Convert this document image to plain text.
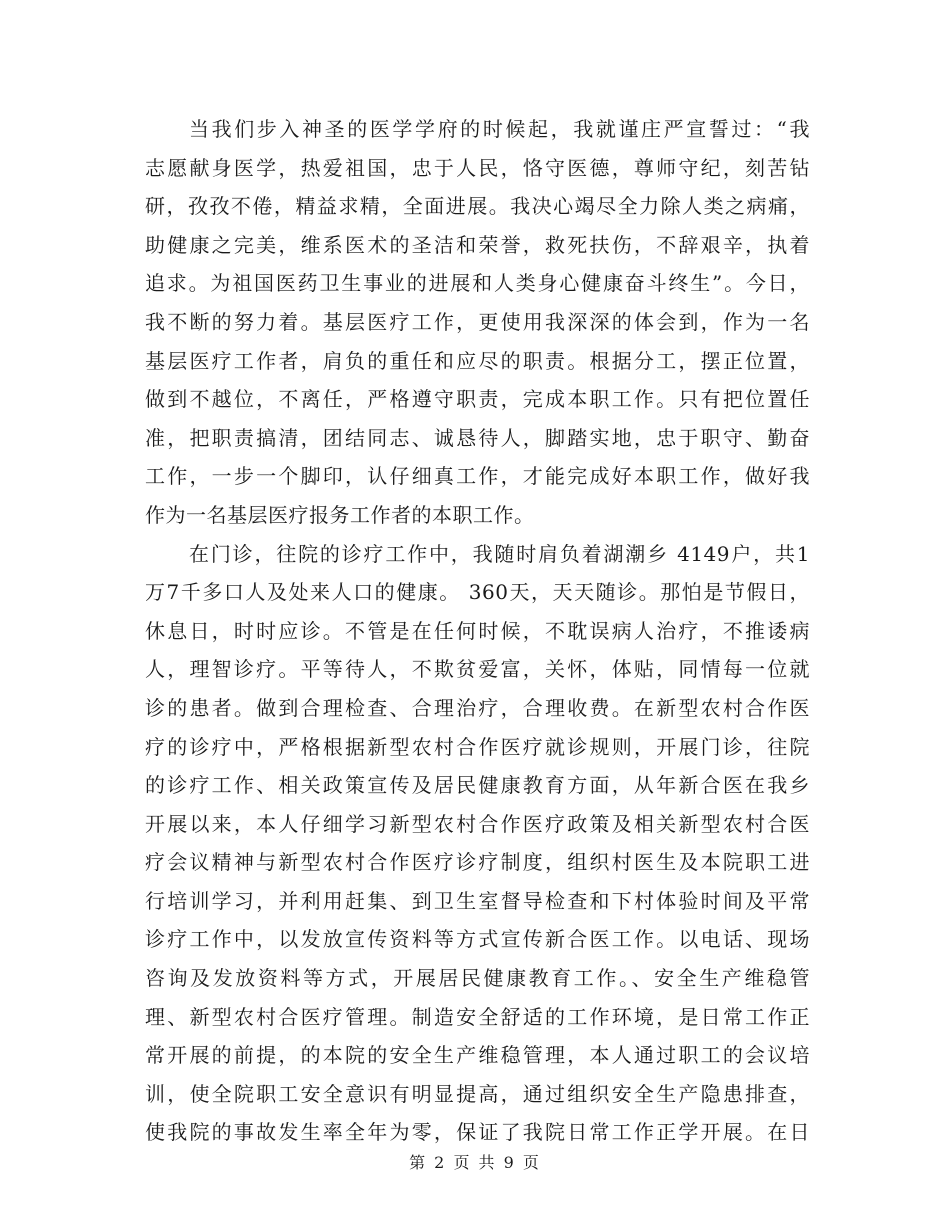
当我们步入神圣的医学学府的时候起，我就谨庄严宣誓过：“我
志愿献身医学，热爱祖国，忠于人民，恪守医德，尊师守纪，刻苦钻
研，孜孜不倦，精益求精，全面进展。我决心竭尽全力除人类之病痛，
助健康之完美，维系医术的圣洁和荣誉，救死扶伤，不辞艰辛，执着
追求。为祖国医药卫生事业的进展和人类身心健康奋斗终生”。今日，
我不断的努力着。基层医疗工作，更使用我深深的体会到，作为一名
基层医疗工作者，肩负的重任和应尽的职责。根据分工，摆正位置，
做到不越位，不离任，严格遵守职责，完成本职工作。只有把位置任
准，把职责搞清，团结同志、诚恳待人，脚踏实地，忠于职守、勤奋
工作，一步一个脚印，认仔细真工作，才能完成好本职工作，做好我
作为一名基层医疗报务工作者的本职工作。
在门诊，往院的诊疗工作中，我随时肩负着湖潮乡 4149户，共1
万7千多口人及处来人口的健康。 360天，天天随诊。那怕是节假日，
休息日，时时应诊。不管是在任何时候，不耽误病人治疗，不推诿病
人，理智诊疗。平等待人，不欺贫爱富，关怀，体贴，同情每一位就
诊的患者。做到合理检查、合理治疗，合理收费。在新型农村合作医
疗的诊疗中，严格根据新型农村合作医疗就诊规则，开展门诊，往院
的诊疗工作、相关政策宣传及居民健康教育方面，从年新合医在我乡
开展以来，本人仔细学习新型农村合作医疗政策及相关新型农村合医
疗会议精神与新型农村合作医疗诊疗制度，组织村医生及本院职工进
行培训学习，并利用赶集、到卫生室督导检查和下村体验时间及平常
诊疗工作中，以发放宣传资料等方式宣传新合医工作。以电话、现场
咨询及发放资料等方式，开展居民健康教育工作。、安全生产维稳管
理、新型农村合医疗管理。制造安全舒适的工作环境，是日常工作正
常开展的前提，的本院的安全生产维稳管理，本人通过职工的会议培
训，使全院职工安全意识有明显提高，通过组织安全生产隐患排查，
使我院的事故发生率全年为零，保证了我院日常工作正学开展。在日
第 2 页 共 9 页
